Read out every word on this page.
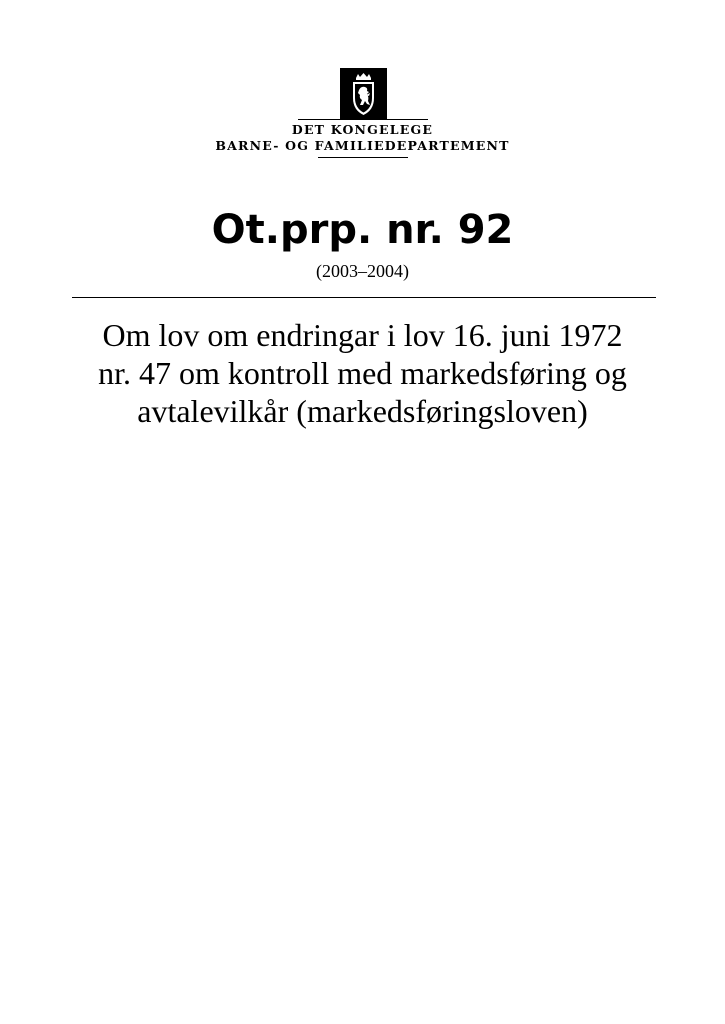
DET KONGELEGE
BARNE- OG FAMILIEDEPARTEMENT
Ot.prp. nr. 92
(2003–2004)
Om lov om endringar i lov 16. juni 1972
nr. 47 om kontroll med markedsføring og
avtalevilkår (markedsføringsloven)
